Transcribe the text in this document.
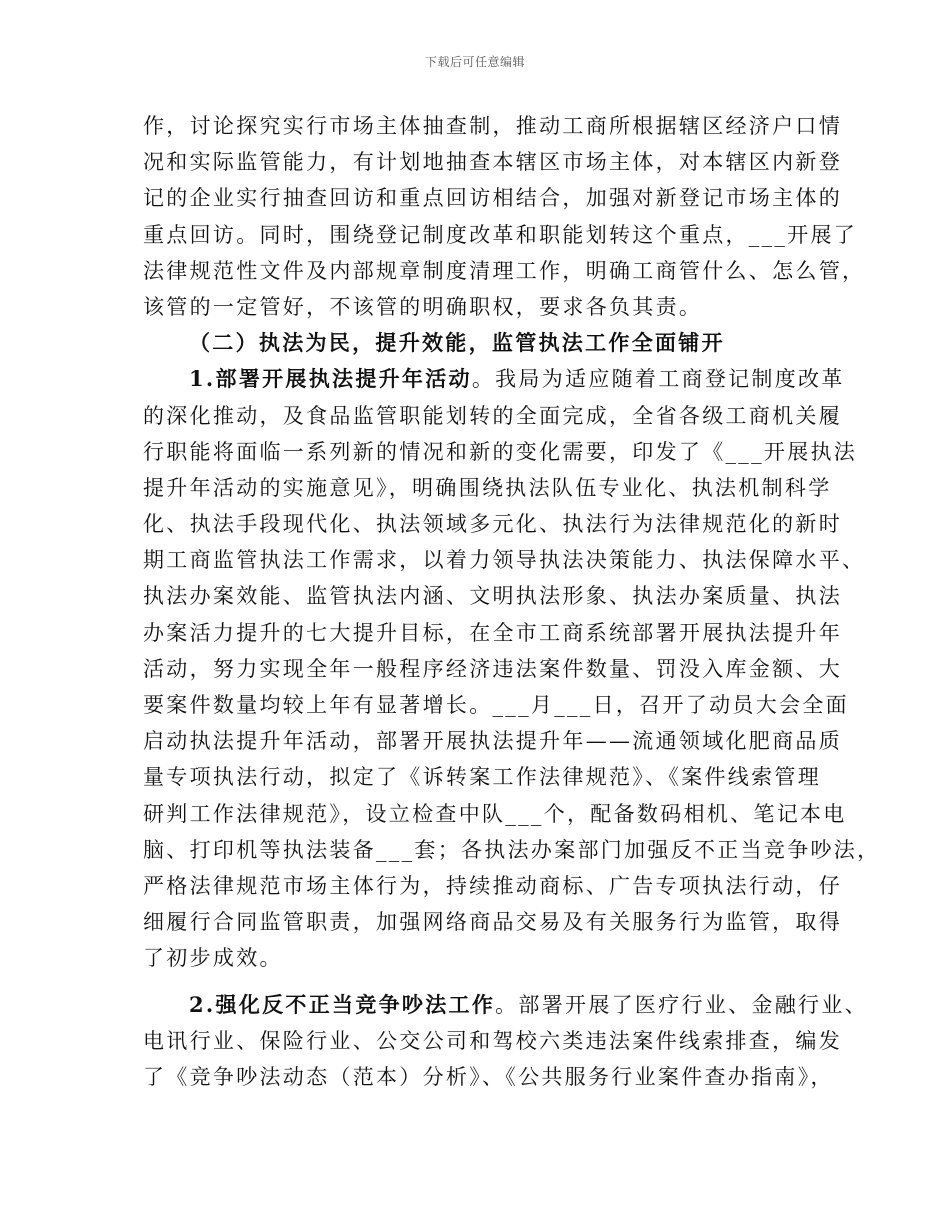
下载后可任意编辑
作，讨论探究实行市场主体抽查制，推动工商所根据辖区经济户口情
况和实际监管能力，有计划地抽查本辖区市场主体，对本辖区内新登
记的企业实行抽查回访和重点回访相结合，加强对新登记市场主体的
重点回访。同时，围绕登记制度改革和职能划转这个重点，___开展了
法律规范性文件及内部规章制度清理工作，明确工商管什么、怎么管，
该管的一定管好，不该管的明确职权，要求各负其责。
（二）执法为民，提升效能，监管执法工作全面铺开
1.部署开展执法提升年活动。我局为适应随着工商登记制度改革
的深化推动，及食品监管职能划转的全面完成，全省各级工商机关履
行职能将面临一系列新的情况和新的变化需要，印发了《___开展执法
提升年活动的实施意见》，明确围绕执法队伍专业化、执法机制科学
化、执法手段现代化、执法领域多元化、执法行为法律规范化的新时
期工商监管执法工作需求，以着力领导执法决策能力、执法保障水平、
执法办案效能、监管执法内涵、文明执法形象、执法办案质量、执法
办案活力提升的七大提升目标，在全市工商系统部署开展执法提升年
活动，努力实现全年一般程序经济违法案件数量、罚没入库金额、大
要案件数量均较上年有显著增长。___月___日，召开了动员大会全面
启动执法提升年活动，部署开展执法提升年——流通领域化肥商品质
量专项执法行动，拟定了《诉转案工作法律规范》、《案件线索管理
研判工作法律规范》，设立检查中队___个，配备数码相机、笔记本电
脑、打印机等执法装备___套；各执法办案部门加强反不正当竞争吵法，
严格法律规范市场主体行为，持续推动商标、广告专项执法行动，仔
细履行合同监管职责，加强网络商品交易及有关服务行为监管，取得
了初步成效。
2.强化反不正当竞争吵法工作。部署开展了医疗行业、金融行业、
电讯行业、保险行业、公交公司和驾校六类违法案件线索排查，编发
了《竞争吵法动态（范本）分析》、《公共服务行业案件查办指南》，
